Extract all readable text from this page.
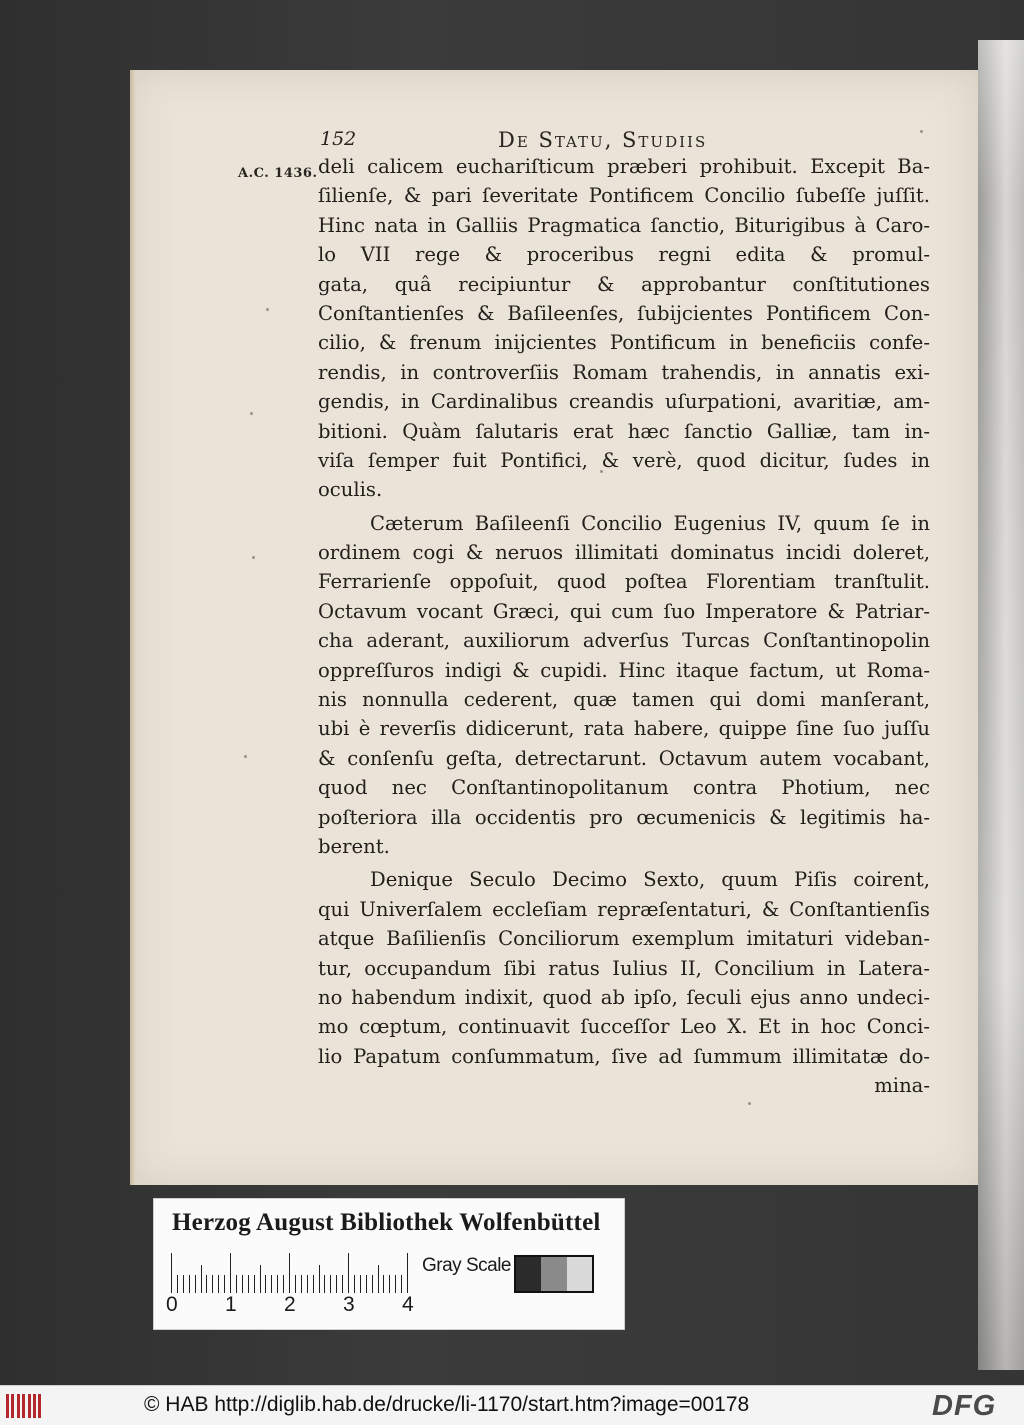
152	De Statu, Studiis
A.C. 1436. deli calicem euchariſticum præberi prohibuit. Excepit Ba-
ſilienſe, & pari ſeveritate Pontificem Concilio ſubeſſe juſſit.
Hinc nata in Galliis Pragmatica ſanctio, Biturigibus à Caro-
lo VII rege & proceribus regni edita & promul-
gata, quâ recipiuntur & approbantur conſtitutiones
Conſtantienſes & Baſileenſes, ſubijcientes Pontificem Con-
cilio, & frenum inijcientes Pontificum in beneficiis confe-
rendis, in controverſiis Romam trahendis, in annatis exi-
gendis, in Cardinalibus creandis uſurpationi, avaritiæ, am-
bitioni. Quàm ſalutaris erat hæc ſanctio Galliæ, tam in-
viſa ſemper fuit Pontifici, & verè, quod dicitur, ſudes in
oculis.
Cæterum Baſileenſi Concilio Eugenius IV, quum ſe in
ordinem cogi & neruos illimitati dominatus incidi doleret,
Ferrarienſe oppoſuit, quod poſtea Florentiam tranſtulit.
Octavum vocant Græci, qui cum ſuo Imperatore & Patriar-
cha aderant, auxiliorum adverſus Turcas Conſtantinopolin
oppreſſuros indigi & cupidi. Hinc itaque factum, ut Roma-
nis nonnulla cederent, quæ tamen qui domi manſerant,
ubi è reverſis didicerunt, rata habere, quippe ſine ſuo juſſu
& conſenſu geſta, detrectarunt. Octavum autem vocabant,
quod nec Conſtantinopolitanum contra Photium, nec
poſteriora illa occidentis pro œcumenicis & legitimis ha-
berent.
Denique Seculo Decimo Sexto, quum Piſis coirent,
qui Univerſalem eccleſiam repræſentaturi, & Conſtantienſis
atque Baſilienſis Conciliorum exemplum imitaturi videban-
tur, occupandum ſibi ratus Iulius II, Concilium in Latera-
no habendum indixit, quod ab ipſo, ſeculi ejus anno undeci-
mo cœptum, continuavit ſucceſſor Leo X. Et in hoc Conci-
lio Papatum conſummatum, ſive ad ſummum illimitatæ do-
mina-
Herzog August Bibliothek Wolfenbüttel
0 1 2 3 4
Gray Scale
© HAB http://diglib.hab.de/drucke/li-1170/start.htm?image=00178	DFG
